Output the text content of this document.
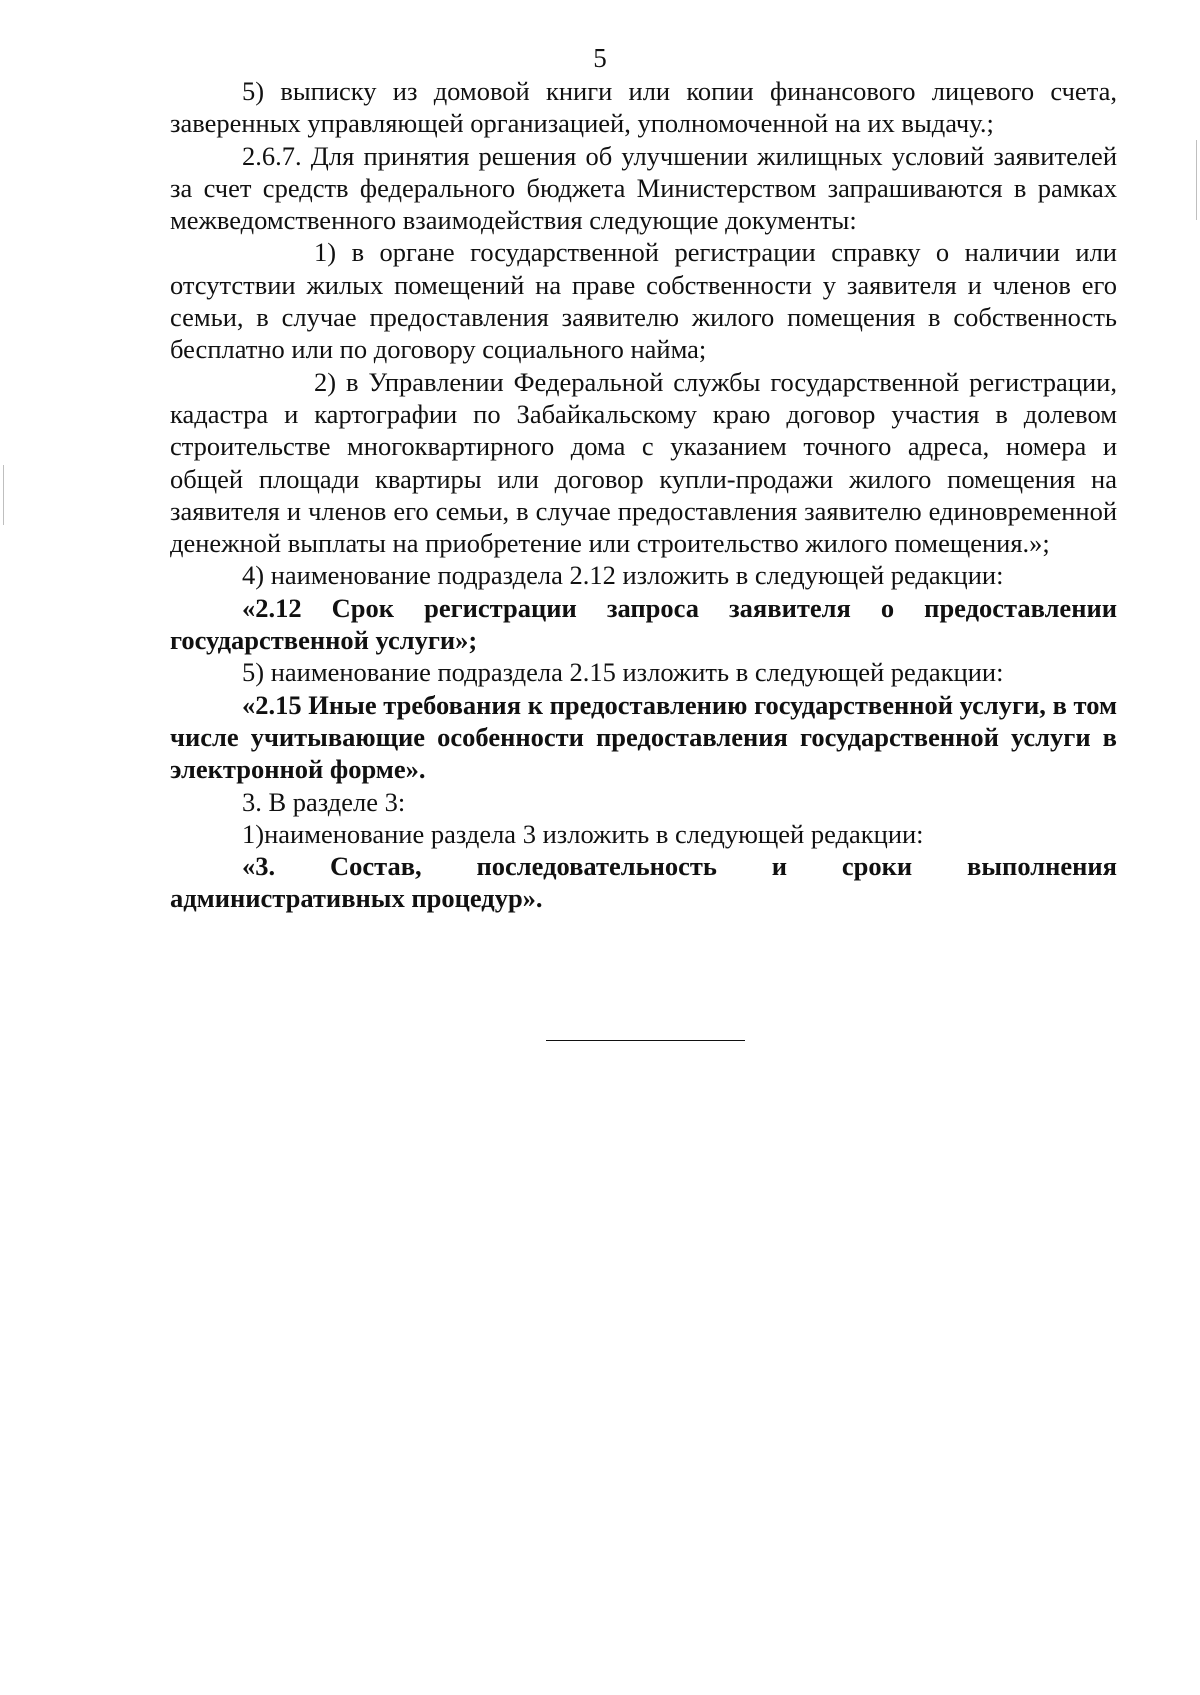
5

5) выписку из домовой книги или копии финансового лицевого счета, заверенных управляющей организацией, уполномоченной на их выдачу.;

2.6.7. Для принятия решения об улучшении жилищных условий заявителей за счет средств федерального бюджета Министерством запрашиваются в рамках межведомственного взаимодействия следующие документы:

1) в органе государственной регистрации справку о наличии или отсутствии жилых помещений на праве собственности у заявителя и членов его семьи, в случае предоставления заявителю жилого помещения в собственность бесплатно или по договору социального найма;

2) в Управлении Федеральной службы государственной регистрации, кадастра и картографии по Забайкальскому краю договор участия в долевом строительстве многоквартирного дома с указанием точного адреса, номера и общей площади квартиры или договор купли-продажи жилого помещения на заявителя и членов его семьи, в случае предоставления заявителю единовременной денежной выплаты на приобретение или строительство жилого помещения.»;

4) наименование подраздела 2.12 изложить в следующей редакции:

«2.12 Срок регистрации запроса заявителя о предоставлении государственной услуги»;

5) наименование подраздела 2.15 изложить в следующей редакции:

«2.15 Иные требования к предоставлению государственной услуги, в том числе учитывающие особенности предоставления государственной услуги в электронной форме».

3. В разделе 3:

1)наименование раздела 3 изложить в следующей редакции:

«3. Состав, последовательность и сроки выполнения административных процедур».
